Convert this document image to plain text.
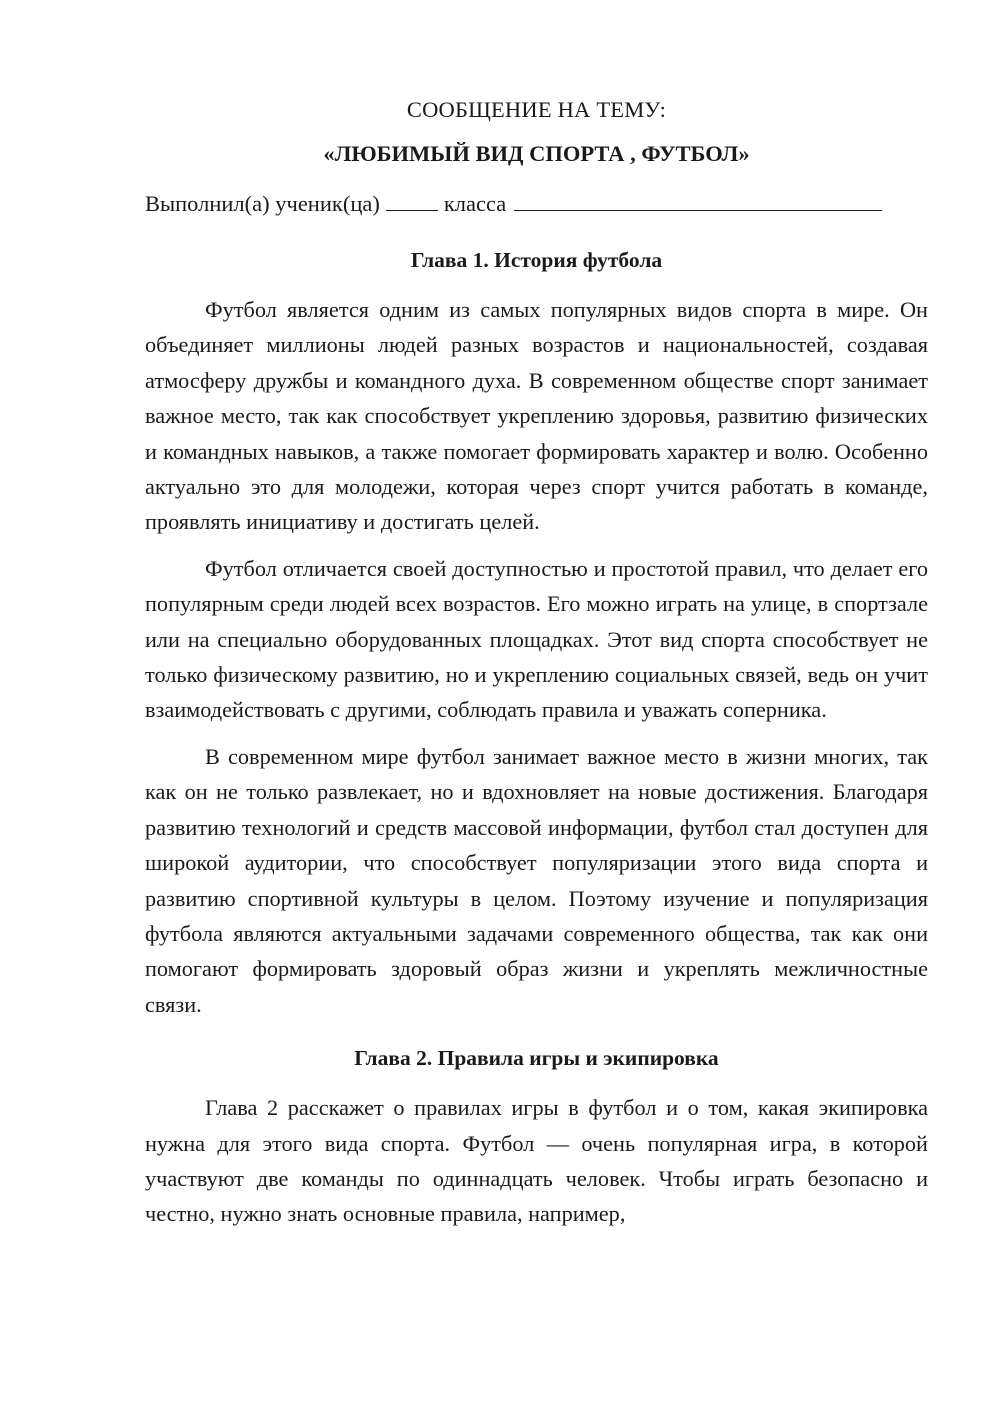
СООБЩЕНИЕ НА ТЕМУ:
«ЛЮБИМЫЙ ВИД СПОРТА , ФУТБОЛ»
Выполнил(а) ученик(ца)	класса
Глава 1. История футбола

Футбол является одним из самых популярных видов спорта в мире. Он объединяет миллионы людей разных возрастов и национальностей, создавая атмосферу дружбы и командного духа. В современном обществе спорт занимает важное место, так как способствует укреплению здоровья, развитию физических и командных навыков, а также помогает формировать характер и волю. Особенно актуально это для молодежи, которая через спорт учится работать в команде, проявлять инициативу и достигать целей.

Футбол отличается своей доступностью и простотой правил, что делает его популярным среди людей всех возрастов. Его можно играть на улице, в спортзале или на специально оборудованных площадках. Этот вид спорта способствует не только физическому развитию, но и укреплению социальных связей, ведь он учит взаимодействовать с другими, соблюдать правила и уважать соперника.

В современном мире футбол занимает важное место в жизни многих, так как он не только развлекает, но и вдохновляет на новые достижения. Благодаря развитию технологий и средств массовой информации, футбол стал доступен для широкой аудитории, что способствует популяризации этого вида спорта и развитию спортивной культуры в целом. Поэтому изучение и популяризация футбола являются актуальными задачами современного общества, так как они помогают формировать здоровый образ жизни и укреплять межличностные связи.

Глава 2. Правила игры и экипировка

Глава 2 расскажет о правилах игры в футбол и о том, какая экипировка нужна для этого вида спорта. Футбол — очень популярная игра, в которой участвуют две команды по одиннадцать человек. Чтобы играть безопасно и честно, нужно знать основные правила, например,
